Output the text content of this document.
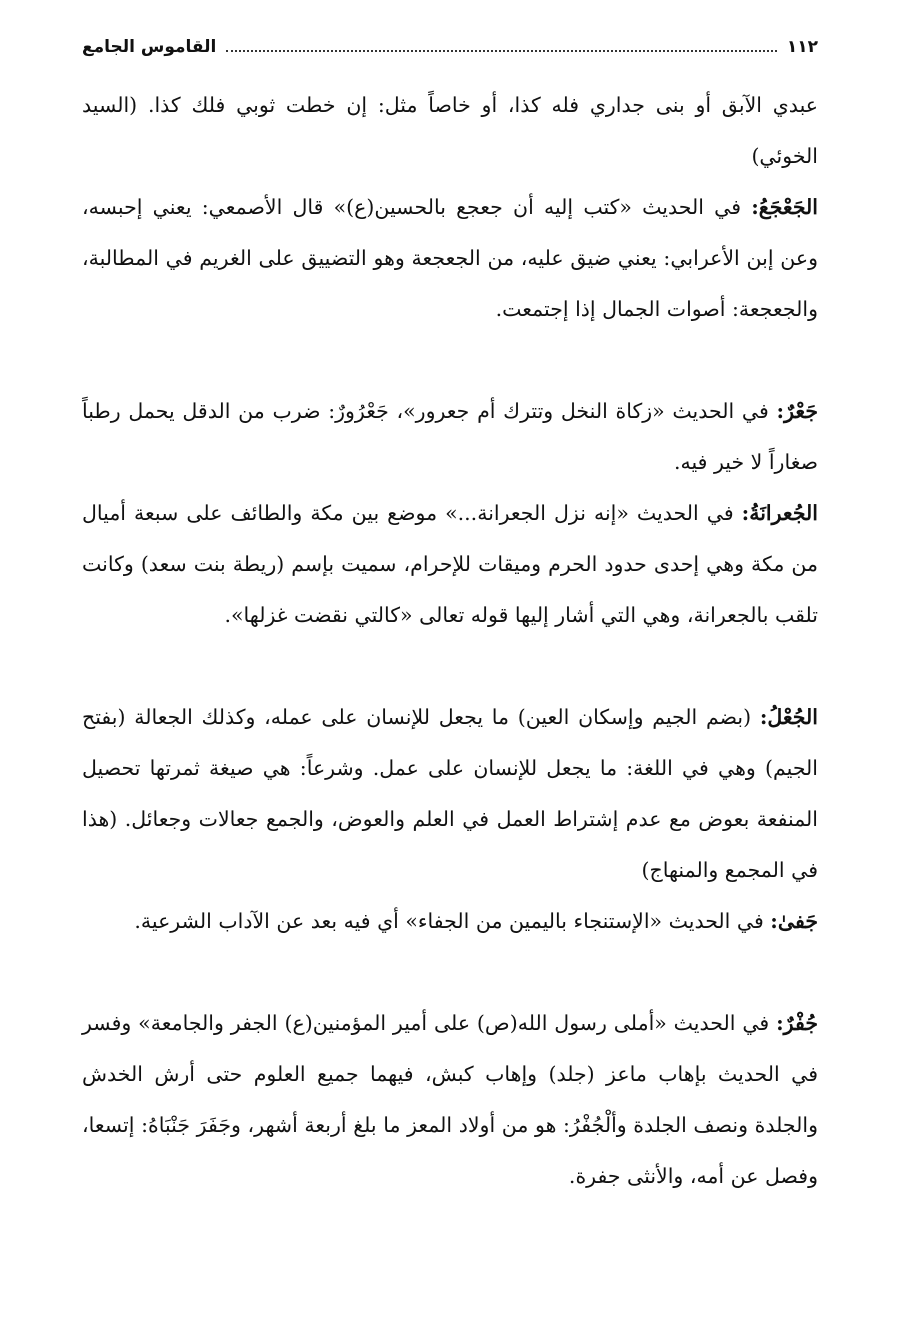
١١٢
القاموس الجامع

عبدي الآبق أو بنى جداري فله كذا، أو خاصاً مثل: إن خطت ثوبي فلك كذا. (السيد الخوئي)

الجَعْجَعُ: في الحديث «كتب إليه أن جعجع بالحسين(ع)» قال الأصمعي: يعني إحبسه، وعن إبن الأعرابي: يعني ضيق عليه، من الجعجعة وهو التضييق على الغريم في المطالبة، والجعجعة: أصوات الجمال إذا إجتمعت.

جَعْرٌ: في الحديث «زكاة النخل وتترك أم جعرور»، جَعْرُورٌ: ضرب من الدقل يحمل رطباً صغاراً لا خير فيه.

الجُعرانَةُ: في الحديث «إنه نزل الجعرانة...» موضع بين مكة والطائف على سبعة أميال من مكة وهي إحدى حدود الحرم وميقات للإحرام، سميت بإسم (ريطة بنت سعد) وكانت تلقب بالجعرانة، وهي التي أشار إليها قوله تعالى «كالتي نقضت غزلها».

الجُعْلُ: (بضم الجيم وإسكان العين) ما يجعل للإنسان على عمله، وكذلك الجعالة (بفتح الجيم) وهي في اللغة: ما يجعل للإنسان على عمل. وشرعاً: هي صيغة ثمرتها تحصيل المنفعة بعوض مع عدم إشتراط العمل في العلم والعوض، والجمع جعالات وجعائل. (هذا في المجمع والمنهاج)

جَفىٰ: في الحديث «الإستنجاء باليمين من الجفاء» أي فيه بعد عن الآداب الشرعية.

جُفْرٌ: في الحديث «أملى رسول الله(ص) على أمير المؤمنين(ع) الجفر والجامعة» وفسر في الحديث بإهاب ماعز (جلد) وإهاب كبش، فيهما جميع العلوم حتى أرش الخدش والجلدة ونصف الجلدة وألْجُفْرُ: هو من أولاد المعز ما بلغ أربعة أشهر، وجَفَرَ جَنْبَاهُ: إتسعا، وفصل عن أمه، والأنثى جفرة.
